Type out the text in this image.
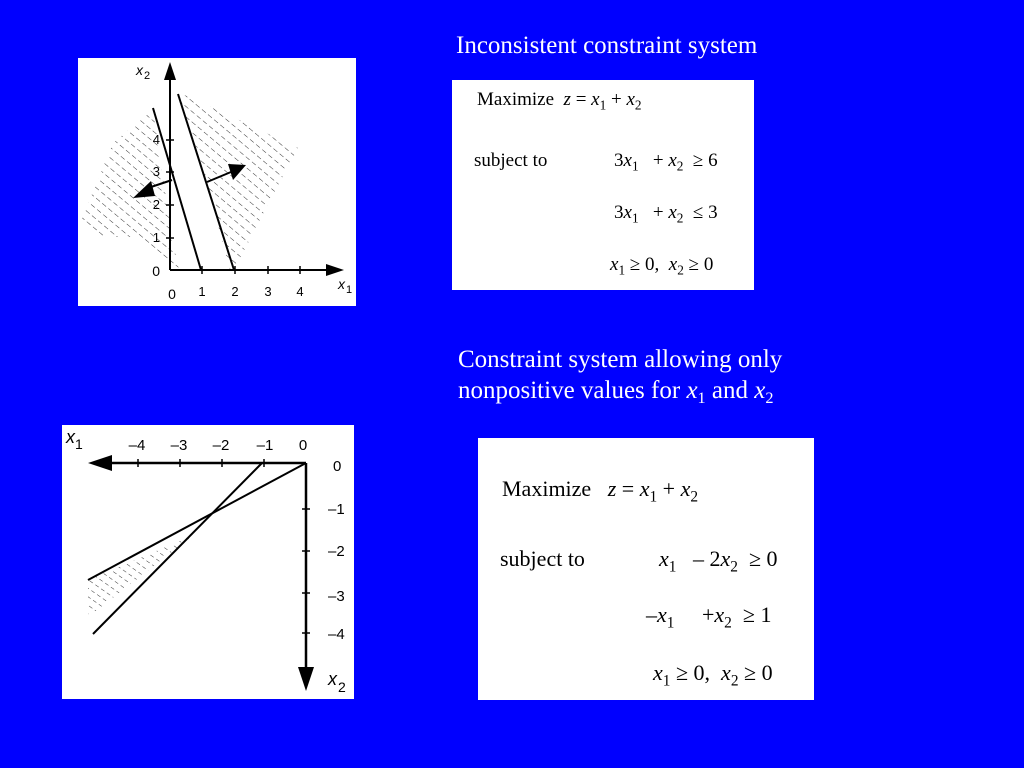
Inconsistent constraint system
1 2 3 4
1
2
3
4
0
0
x 1
x 2
Maximize $z = x_1 + x_2$
subject to	$3x_1 + x_2 \ge 6$
$3x_1 + x_2 \le 3$
$x_1 \ge 0$, $x_2 \ge 0$
Constraint system allowing only
nonpositive values for $x_1$ and $x_2$
–4 –3 –2 –1 0
0
–1
–2
–3
–4
x 1
x 2
Maximize $z = x_1 + x_2$
subject to	$x_1 - 2x_2 \ge 0$
$-x_1 +x_2 \ge 1$
$x_1 \ge 0$, $x_2 \ge 0$
